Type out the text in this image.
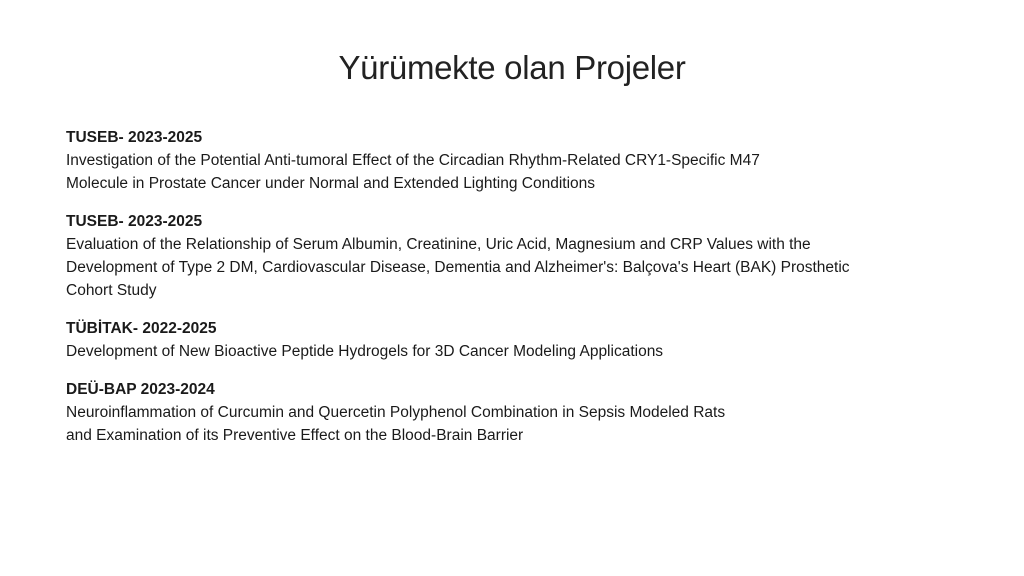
Yürümekte olan Projeler
TUSEB- 2023-2025
Investigation of the Potential Anti-tumoral Effect of the Circadian Rhythm-Related CRY1-Specific M47
Molecule in Prostate Cancer under Normal and Extended Lighting Conditions
TUSEB- 2023-2025
Evaluation of the Relationship of Serum Albumin, Creatinine, Uric Acid, Magnesium and CRP Values with the
Development of Type 2 DM, Cardiovascular Disease, Dementia and Alzheimer's: Balçova's Heart (BAK) Prosthetic
Cohort Study
TÜBİTAK- 2022-2025
Development of New Bioactive Peptide Hydrogels for 3D Cancer Modeling Applications
DEÜ-BAP 2023-2024
Neuroinflammation of Curcumin and Quercetin Polyphenol Combination in Sepsis Modeled Rats
and Examination of its Preventive Effect on the Blood-Brain Barrier
